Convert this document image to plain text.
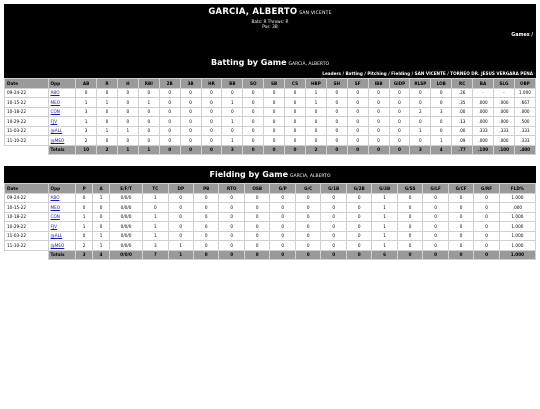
GARCIA, ALBERTO SAN VICENTE
Bats: R Throws: R
Pos: 3B
Games /
Batting by Game GARCIA, ALBERTO
Leaders / Batting / Pitching / Fielding / SAN VICENTE / TORNEO DR. JESUS VERGARA PENA
Date	Opp	AB	R	H	RBI	2B	3B	HR	BB	SO	SB	CS	HBP	SH	SF	IBB	GIDP	RLSP	LOB	RC	BA	SLG	OBP
09-24-22	ABO	0	0	0	0	0	0	0	0	0	0	0	1	0	0	0	0	0	0	.26	-	-	1.000
10-15-22	MEO	1	1	0	1	0	0	0	1	0	0	0	1	0	0	0	0	0	0	.35	.000	.000	.667
10-18-22	CON	3	0	0	0	0	0	0	0	0	0	0	0	0	0	0	0	2	3	.00	.000	.000	.000
10-29-22	FJV	1	0	0	0	0	0	0	1	0	0	0	0	0	0	0	0	0	0	.13	.000	.000	.500
11-03-22	@ALL	3	1	1	0	0	0	0	0	0	0	0	0	0	0	0	0	1	0	.00	.333	.333	.333
11-10-22	@MEO	2	0	0	0	0	0	0	1	0	0	0	0	0	0	0	0	0	1	.09	.000	.000	.333
	Totals	10	2	1	1	0	0	0	3	0	0	0	2	0	0	0	0	3	4	.77	.100	.100	.400
Fielding by Game GARCIA, ALBERTO
Date	Opp	P	A	E/F/T	TC	DP	PB	RTO	OSB	G/P	G/C	G/1B	G/2B	G/3B	G/SS	G/LF	G/CF	G/RF	FLD%
09-24-22	ABO	0	1	0/0/0	1	0	0	0	0	0	0	0	0	1	0	0	0	0	1.000
10-15-22	MEO	0	0	0/0/0	0	0	0	0	0	0	0	0	0	1	0	0	0	0	.000
10-18-22	CON	1	0	0/0/0	1	0	0	0	0	0	0	0	0	1	0	0	0	0	1.000
10-29-22	FJV	1	0	0/0/0	1	0	0	0	0	0	0	0	0	1	0	0	0	0	1.000
11-03-22	@ALL	0	1	0/0/0	1	0	0	0	0	0	0	0	0	1	0	0	0	0	1.000
11-10-22	@MEO	2	1	0/0/0	3	1	0	0	0	0	0	0	0	1	0	0	0	0	1.000
	Totals	3	4	0/0/0	7	1	0	0	0	0	0	0	0	6	0	0	0	0	1.000
